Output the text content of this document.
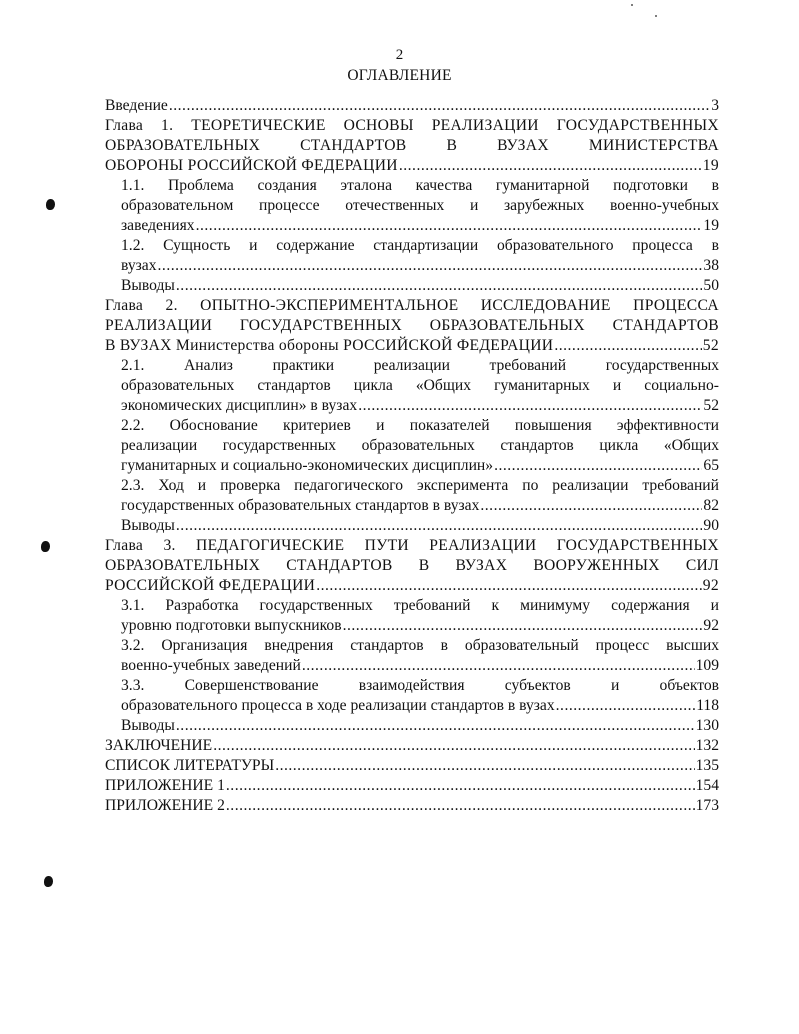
2
ОГЛАВЛЕНИЕ
Введение .....	3
Глава 1. ТЕОРЕТИЧЕСКИЕ ОСНОВЫ РЕАЛИЗАЦИИ ГОСУДАРСТВЕННЫХ
ОБРАЗОВАТЕЛЬНЫХ СТАНДАРТОВ В ВУЗАХ МИНИСТЕРСТВА
ОБОРОНЫ РОССИЙСКОЙ ФЕДЕРАЦИИ .....	19
1.1. Проблема создания эталона качества гуманитарной подготовки в
образовательном процессе отечественных и зарубежных военно-учебных
заведениях .....	19
1.2. Сущность и содержание стандартизации образовательного процесса в
вузах .....	38
Выводы .....	50
Глава 2. ОПЫТНО-ЭКСПЕРИМЕНТАЛЬНОЕ ИССЛЕДОВАНИЕ ПРОЦЕССА
РЕАЛИЗАЦИИ ГОСУДАРСТВЕННЫХ ОБРАЗОВАТЕЛЬНЫХ СТАНДАРТОВ
В ВУЗАХ Министерства обороны РОССИЙСКОЙ ФЕДЕРАЦИИ .....	52
2.1. Анализ практики реализации требований государственных
образовательных стандартов цикла «Общих гуманитарных и социально-
экономических дисциплин» в вузах .....	52
2.2. Обоснование критериев и показателей повышения эффективности
реализации государственных образовательных стандартов цикла «Общих
гуманитарных и социально-экономических дисциплин» .....	65
2.3. Ход и проверка педагогического эксперимента по реализации требований
государственных образовательных стандартов в вузах .....	82
Выводы .....	90
Глава 3. ПЕДАГОГИЧЕСКИЕ ПУТИ РЕАЛИЗАЦИИ ГОСУДАРСТВЕННЫХ
ОБРАЗОВАТЕЛЬНЫХ СТАНДАРТОВ В ВУЗАХ ВООРУЖЕННЫХ СИЛ
РОССИЙСКОЙ ФЕДЕРАЦИИ .....	92
3.1. Разработка государственных требований к минимуму содержания и
уровню подготовки выпускников .....	92
3.2. Организация внедрения стандартов в образовательный процесс высших
военно-учебных заведений .....	109
3.3. Совершенствование взаимодействия субъектов и объектов
образовательного процесса в ходе реализации стандартов в вузах .....	118
Выводы .....	130
ЗАКЛЮЧЕНИЕ .....	132
СПИСОК ЛИТЕРАТУРЫ .....	135
ПРИЛОЖЕНИЕ 1 .....	154
ПРИЛОЖЕНИЕ 2 .....	173
